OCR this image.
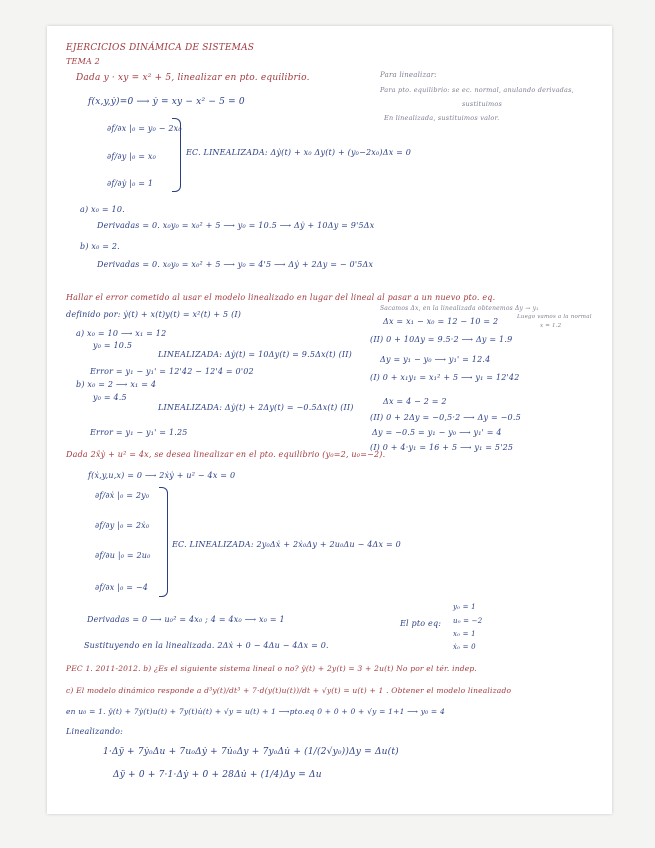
EJERCICIOS DINÁMICA DE SISTEMAS
TEMA 2
Dada y · xy = x² + 5, linealizar en pto. equilibrio.	Para linealizar:
Para pto. equilibrio: se ec. normal, anulando derivadas,
sustituimos
En linealizada, sustituimos valor.
f(x,y,ẏ)=0 ⟶ ẏ = xy − x² − 5 = 0
∂f/∂x |₀ = y₀ − 2x₀
∂f/∂y |₀ = x₀
∂f/∂ẏ |₀ = 1
EC. LINEALIZADA: Δẏ(t) + x₀ Δy(t) + (y₀−2x₀)Δx = 0
a) x₀ = 10.
Derivadas = 0. x₀y₀ = x₀² + 5 ⟶ y₀ = 10.5 ⟶ Δẏ + 10Δy = 9'5Δx
b) x₀ = 2.
Derivadas = 0. x₀y₀ = x₀² + 5 ⟶ y₀ = 4'5 ⟶ Δẏ + 2Δy = − 0'5Δx
Hallar el error cometido al usar el modelo linealizado en lugar del lineal al pasar a un nuevo pto. eq.
definido por: ẏ(t) + x(t)y(t) = x²(t) + 5 (I)
Sacamos Δx, en la linealizada obtenemos Δy → y₁
Luego vamos a la normal
x = 1.2
a) x₀ = 10 ⟶ x₁ = 12
y₀ = 10.5
LINEALIZADA: Δẏ(t) = 10Δy(t) = 9.5Δx(t) (II)
Error = y₁ − y₁' = 12'42 − 12'4 = 0'02
b) x₀ = 2 ⟶ x₁ = 4
y₀ = 4.5
LINEALIZADA: Δẏ(t) + 2Δy(t) = −0.5Δx(t) (II)
Error = y₁ − y₁' = 1.25
Δx = x₁ − x₀ = 12 − 10 = 2
(II) 0 + 10Δy = 9.5·2 ⟶ Δy = 1.9
Δy = y₁ − y₀ ⟶ y₁' = 12.4
(I) 0 + x₁y₁ = x₁² + 5 ⟶ y₁ = 12'42
Δx = 4 − 2 = 2
(II) 0 + 2Δy = −0,5·2 ⟶ Δy = −0.5
Δy = −0.5 = y₁ − y₀ ⟶ y₁' = 4
(I) 0 + 4·y₁ = 16 + 5 ⟶ y₁ = 5'25
Dada 2ẍẏ + u² = 4x, se desea linealizar en el pto. equilibrio (y₀=2, u₀=−2).
f(ẋ,y,u,x) = 0 ⟶ 2ẋẏ + u² − 4x = 0
∂f/∂ẋ |₀ = 2y₀
∂f/∂y |₀ = 2ẋ₀
∂f/∂u |₀ = 2u₀
∂f/∂x |₀ = −4
EC. LINEALIZADA: 2y₀Δẋ + 2ẋ₀Δy + 2u₀Δu − 4Δx = 0
Derivadas = 0 ⟶ u₀² = 4x₀ ; 4 = 4x₀ ⟶ x₀ = 1	El pto eq:
y₀ = 1
u₀ = −2
x₀ = 1
ẋ₀ = 0
Sustituyendo en la linealizada. 2Δẋ + 0 − 4Δu − 4Δx = 0.
PEC 1. 2011-2012. b) ¿Es el siguiente sistema lineal o no? ÿ(t) + 2y(t) = 3 + 2u(t) No por el tér. indep.
c) El modelo dinámico responde a d³y(t)/dt³ + 7·d(y(t)u(t))/dt + √y(t) = u(t) + 1 . Obtener el modelo linealizado
en u₀ = 1. ÿ(t) + 7ẏ(t)u(t) + 7y(t)u̇(t) + √y = u(t) + 1 ⟶pto.eq 0 + 0 + 0 + √y = 1+1 ⟶ y₀ = 4
Linealizando:
1·Δÿ + 7ẏ₀Δu + 7u₀Δẏ + 7u̇₀Δy + 7y₀Δu̇ + (1/(2√y₀))Δy = Δu(t)
Δÿ + 0 + 7·1·Δẏ + 0 + 28Δu̇ + (1/4)Δy = Δu
